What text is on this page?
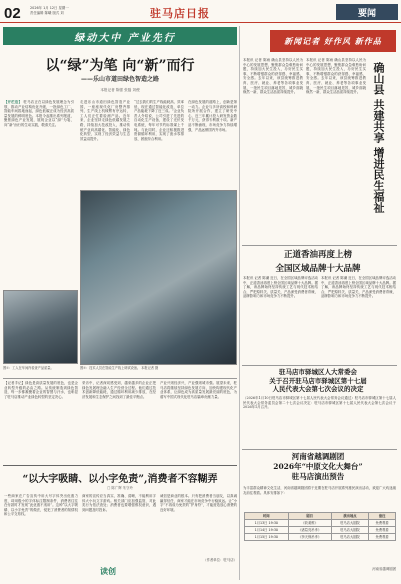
02	2026年 1月 12日 星期一
责任编辑 陈曦 版式 刘	驻马店日报	要闻
绿动大中 产业先行
以“绿”为笔 向“新”而行
——乐山市道田绿色智造之路
本报记者 陈强 张磊 刘俊
【开栏语】 驻马店正在以绿色发展理念为引领，推动产业结构优化升级，一批绿色工厂、智能车间拔地而起，绿色低碳正成为经济高质量发展的鲜明底色。本报今起推出系列报道，聚焦绿色产业发展，展现企业以“绿”为笔、向“新”而行的生动实践，敬请关注。
走进乐山市道田绿色智造产业园，一座座现代化厂房整齐排列，生产线上机械臂有序运转，工人们正忙着检测产品。近年来，企业坚持走绿色低碳发展之路，持续加大技改投入，推动传统产业向高端化、智能化、绿色化转型，实现了经济效益与生态效益双提升。
“过去我们的生产线能耗高、效率低，现在通过智能化改造，单位产品能耗下降了近三成。”企业负责人介绍说，公司引进了先进的自动化生产设备，建设了光伏发电系统，每年可节约标准煤上千吨。与此同时，企业还积极推进资源循环利用，实现了废水零排放、固废综合利用。
在绿色发展的道路上，创新是第一动力。企业与多所高校和科研院所开展合作，建立了研发中心，近三年累计投入研发资金数千万元，获得专利数十项。新产品不断涌现，市场竞争力持续增强，产品远销国内外市场。
图①：工人在车间内检查产品质量。	图②：技术人员在智能生产线上调试设备。 本报记者 摄
【记者手记】绿色是高质量发展的底色，也是企业转型升级的必由之路。从传统制造到绿色智造，每一步都凝聚着企业的智慧与汗水，也彰显了驻马店推动产业绿色转型的坚定决心。
采访中，记者深切感受到，越来越多的企业正把绿色发展理念融入生产经营全过程。他们通过技术创新降低能耗，通过循环利用减少排放，在经济发展和生态保护之间找到了最佳平衡点。
产业兴则经济兴，产业强则城市强。展望未来，驻马店将继续坚持绿色发展方向，加快构建现代化产业体系，让绿色成为高质量发展最亮丽的底色，为谱写中国式现代化驻马店篇章贡献力量。
“以大字吸睛、以小字免责”,消费者不容糊弄
□ 陈广辉 朱守玲
一些商家在广告宣传中用大号字体突出优惠力度，却用极小的字体标注限制条件，消费者往往在付款时才发现“此优惠不适用”。这种“以大字吸睛、以小字免责”的做法，侵犯了消费者的知情权和公平交易权。
商家的宣传应当真实、准确、清晰，不能利用字体大小玩文字游戏。相关部门应加强监管，对此类行为依法查处；消费者也要增强维权意识，遇到问题及时投诉。
诚信是商业的根本。只有把消费者当朋友，以真诚赢得信任，商家才能在市场竞争中行稳致远。让“小字”不再成为免责的“护身符”，才能营造放心消费的良好环境。
（作者单位：驻马店）
读创
新闻记者 好作风 新作品
确山县 共建共享 增进民生福祉
本报讯 记者 陈雨 确山县坚持以人民为中心的发展思想，聚焦群众急难愁盼问题，持续加大民生投入，办好民生实事，不断增强群众的获得感、幸福感、安全感。去年以来，该县统筹推进教育、医疗、就业、养老等各项事业发展，一批民生项目落地见效，城乡面貌焕然一新，群众生活品质持续提升。
本报讯 记者 陈雨 确山县坚持以人民为中心的发展思想，聚焦群众急难愁盼问题，持续加大民生投入，办好民生实事，不断增强群众的获得感、幸福感、安全感。去年以来，该县统筹推进教育、医疗、就业、养老等各项事业发展，一批民生项目落地见效，城乡面貌焕然一新，群众生活品质持续提升。
正道香油再度上榜
全国区域品牌十大品牌
本报讯 记者 陈谦 近日，在全国区域品牌评选活动中，正道香油再度上榜全国区域品牌十大品牌。据了解，该品牌始终坚持传统工艺与现代技术相结合，严把原料关、质量关，产品深受消费者青睐，品牌影响力和市场竞争力不断提升。
本报讯 记者 陈谦 近日，在全国区域品牌评选活动中，正道香油再度上榜全国区域品牌十大品牌。据了解，该品牌始终坚持传统工艺与现代技术相结合，严把原料关、质量关，产品深受消费者青睐，品牌影响力和市场竞争力不断提升。
驻马店市驿城区人大常委会
关于召开驻马店市驿城区第十七届
人民代表大会第七次会议的决定
（2026年1月10日驻马店市驿城区第十七届人民代表大会常务会议通过）驻马店市驿城区第十七届人民代表大会常务委员会第二十七次会议决定：驻马店市驿城区第十七届人民代表大会第七次会议于2026年1月召开。
河南省越调剧团
2026年“中原文化大舞台”
驻马店演出预告
为丰富群众精神文化生活，河南省越调剧团将于近期在驻马店开展系列惠民演出活动，欢迎广大戏迷朋友前往观看。具体安排如下：
时间	剧目	演出地点	备注
1月13日 19:30	《收姜维》	驻马店大剧院	免费观看
1月14日 19:30	《诸葛亮吊孝》	驻马店大剧院	免费观看
1月15日 19:30	《李天保吊孝》	驻马店大剧院	免费观看
河南省越调剧团
